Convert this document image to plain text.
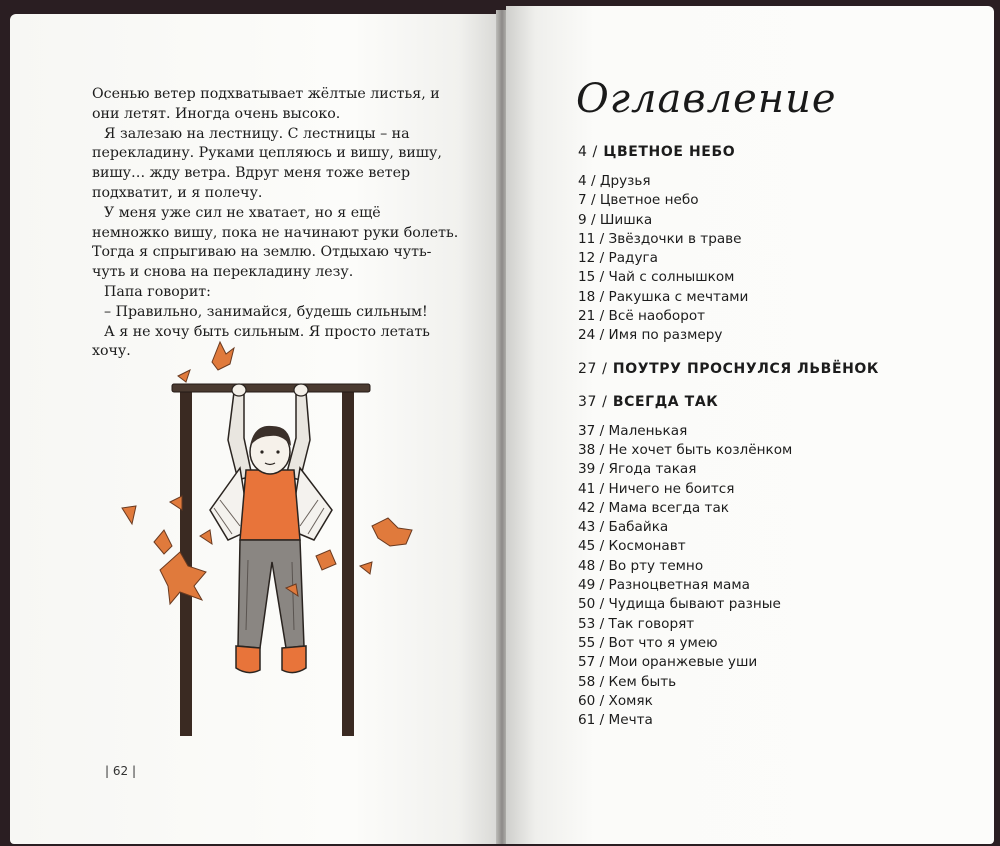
Осенью ветер подхватывает жёлтые листья, и они летят. Иногда очень высоко.

Я залезаю на лестницу. С лестницы – на перекладину. Руками цепляюсь и вишу, вишу, вишу… жду ветра. Вдруг меня тоже ветер подхватит, и я полечу.

У меня уже сил не хватает, но я ещё немножко вишу, пока не начинают руки болеть. Тогда я спрыгиваю на землю. Отдыхаю чуть-чуть и снова на перекладину лезу.

Папа говорит:

– Правильно, занимайся, будешь сильным!

А я не хочу быть сильным. Я просто летать хочу.

| 62 |
Оглавление
4 / ЦВЕТНОЕ НЕБО
4 / Друзья
7 / Цветное небо
9 / Шишка
11 / Звёздочки в траве
12 / Радуга
15 / Чай с солнышком
18 / Ракушка с мечтами
21 / Всё наоборот
24 / Имя по размеру
27 / ПОУТРУ ПРОСНУЛСЯ ЛЬВЁНОК
37 / ВСЕГДА ТАК
37 / Маленькая
38 / Не хочет быть козлёнком
39 / Ягода такая
41 / Ничего не боится
42 / Мама всегда так
43 / Бабайка
45 / Космонавт
48 / Во рту темно
49 / Разноцветная мама
50 / Чудища бывают разные
53 / Так говорят
55 / Вот что я умею
57 / Мои оранжевые уши
58 / Кем быть
60 / Хомяк
61 / Мечта
